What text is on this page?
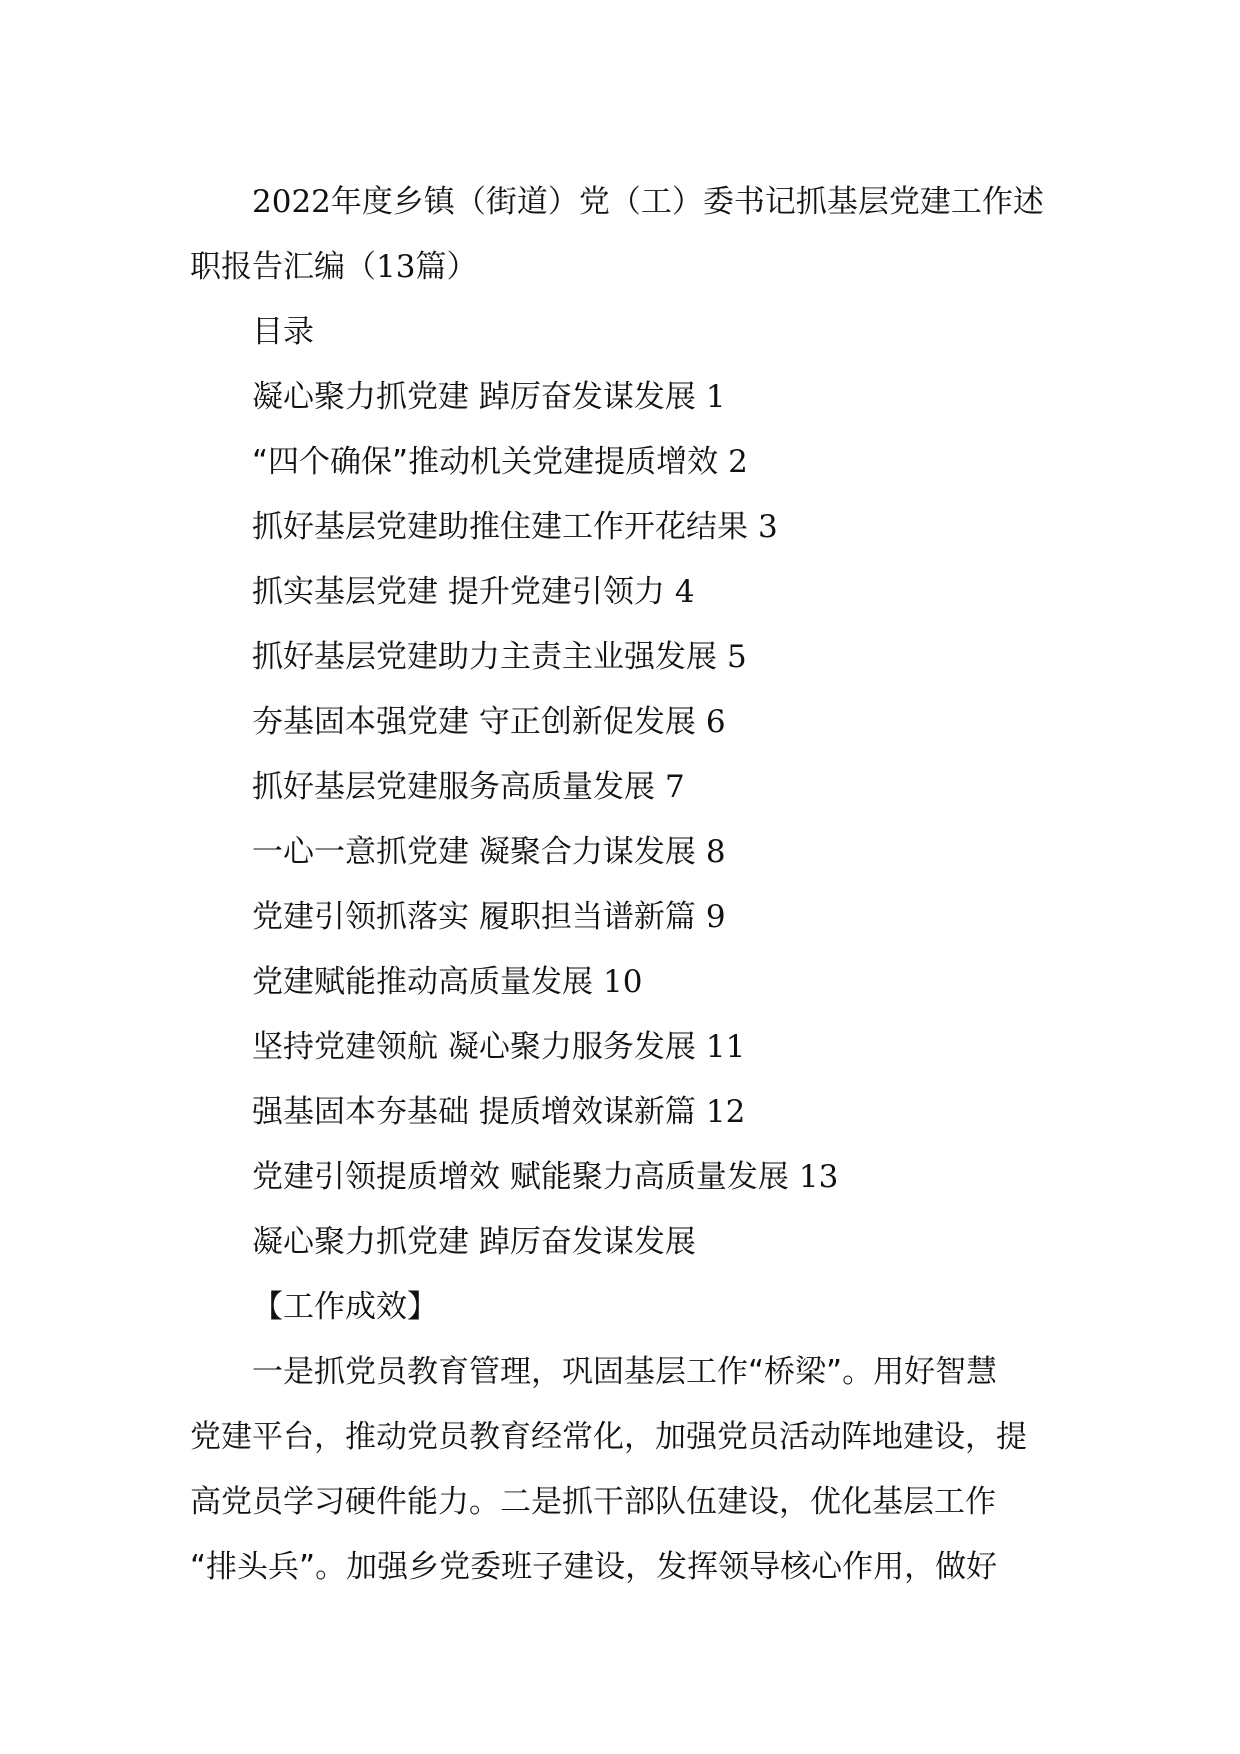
2022年度乡镇（街道）党（工）委书记抓基层党建工作述

职报告汇编（13篇）

目录

凝心聚力抓党建 踔厉奋发谋发展 1

“四个确保”推动机关党建提质增效 2

抓好基层党建助推住建工作开花结果 3

抓实基层党建 提升党建引领力 4

抓好基层党建助力主责主业强发展 5

夯基固本强党建 守正创新促发展 6

抓好基层党建服务高质量发展 7

一心一意抓党建 凝聚合力谋发展 8

党建引领抓落实 履职担当谱新篇 9

党建赋能推动高质量发展 10

坚持党建领航 凝心聚力服务发展 11

强基固本夯基础 提质增效谋新篇 12

党建引领提质增效 赋能聚力高质量发展 13

凝心聚力抓党建 踔厉奋发谋发展

【工作成效】

一是抓党员教育管理，巩固基层工作“桥梁”。用好智慧

党建平台，推动党员教育经常化，加强党员活动阵地建设，提

高党员学习硬件能力。二是抓干部队伍建设，优化基层工作

“排头兵”。加强乡党委班子建设，发挥领导核心作用，做好
